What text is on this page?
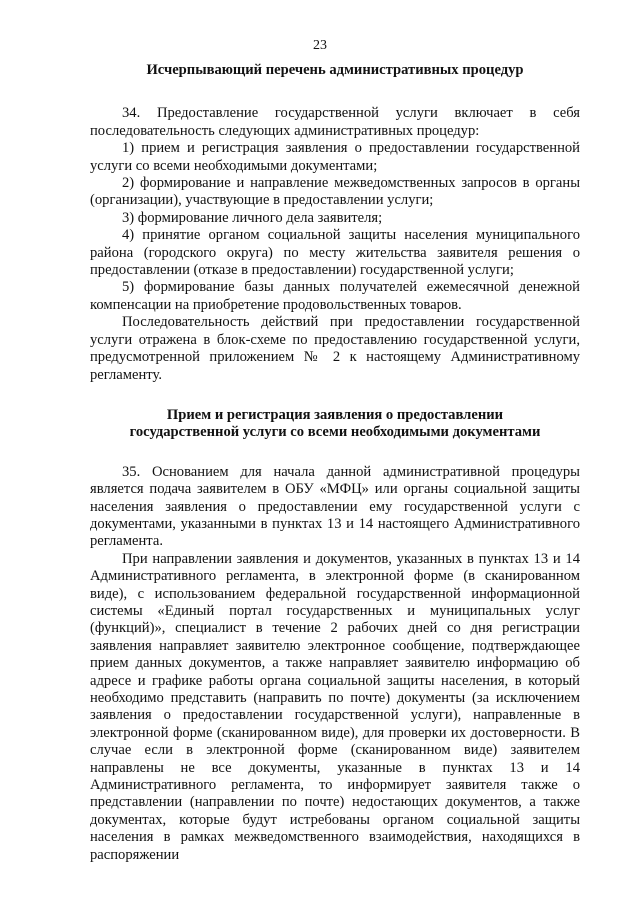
23

Исчерпывающий перечень административных процедур

34. Предоставление государственной услуги включает в себя последовательность следующих административных процедур:

1) прием и регистрация заявления о предоставлении государственной услуги со всеми необходимыми документами;

2) формирование и направление межведомственных запросов в органы (организации), участвующие в предоставлении услуги;

3) формирование личного дела заявителя;

4) принятие органом социальной защиты населения муниципального района (городского округа) по месту жительства заявителя решения о предоставлении (отказе в предоставлении) государственной услуги;

5) формирование базы данных получателей ежемесячной денежной компенсации на приобретение продовольственных товаров.

Последовательность действий при предоставлении государственной услуги отражена в блок-схеме по предоставлению государственной услуги, предусмотренной приложением № 2 к настоящему Административному регламенту.

Прием и регистрация заявления о предоставлении
государственной услуги со всеми необходимыми документами

35. Основанием для начала данной административной процедуры является подача заявителем в ОБУ «МФЦ» или органы социальной защиты населения заявления о предоставлении ему государственной услуги с документами, указанными в пунктах 13 и 14 настоящего Административного регламента.

При направлении заявления и документов, указанных в пунктах 13 и 14 Административного регламента, в электронной форме (в сканированном виде), с использованием федеральной государственной информационной системы «Единый портал государственных и муниципальных услуг (функций)», специалист в течение 2 рабочих дней со дня регистрации заявления направляет заявителю электронное сообщение, подтверждающее прием данных документов, а также направляет заявителю информацию об адресе и графике работы органа социальной защиты населения, в который необходимо представить (направить по почте) документы (за исключением заявления о предоставлении государственной услуги), направленные в электронной форме (сканированном виде), для проверки их достоверности. В случае если в электронной форме (сканированном виде) заявителем направлены не все документы, указанные в пунктах 13 и 14 Административного регламента, то информирует заявителя также о представлении (направлении по почте) недостающих документов, а также документах, которые будут истребованы органом социальной защиты населения в рамках межведомственного взаимодействия, находящихся в распоряжении
